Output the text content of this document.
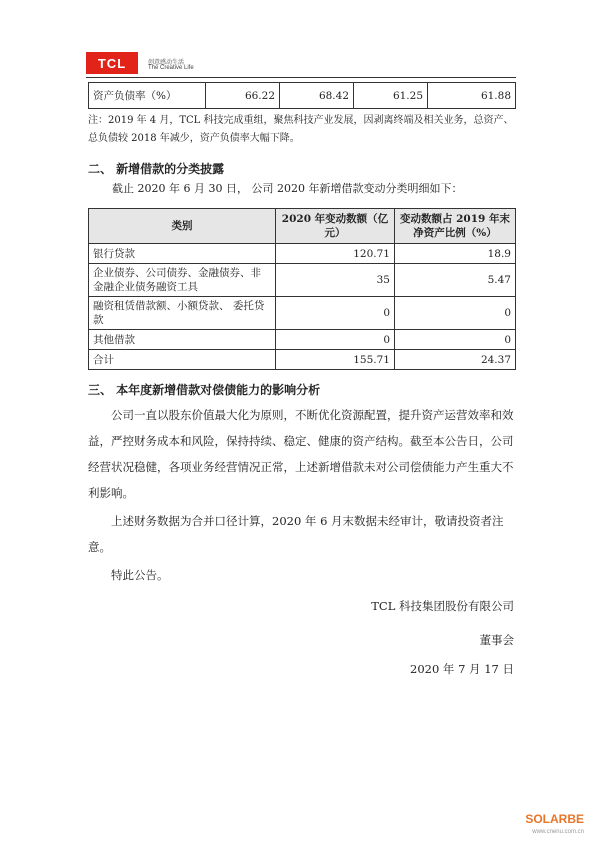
TCL	创意感动生活
The Creative Life
资产负债率（%）	66.22	68.42	61.25	61.88
注：2019 年 4 月，TCL 科技完成重组，聚焦科技产业发展，因剥离终端及相关业务，总资产、总负债较 2018 年减少，资产负债率大幅下降。
二、 新增借款的分类披露
截止 2020 年 6 月 30 日， 公司 2020 年新增借款变动分类明细如下：
类别	2020 年变动数额（亿元）	变动数额占 2019 年末净资产比例（%）
银行贷款	120.71	18.9
企业债券、公司债券、金融债券、非金融企业债务融资工具	35	5.47
融资租赁借款额、小额贷款、 委托贷款	0	0
其他借款	0	0
合计	155.71	24.37
三、 本年度新增借款对偿债能力的影响分析
公司一直以股东价值最大化为原则，不断优化资源配置，提升资产运营效率和效益，严控财务成本和风险，保持持续、稳定、健康的资产结构。截至本公告日，公司经营状况稳健，各项业务经营情况正常，上述新增借款未对公司偿债能力产生重大不利影响。
上述财务数据为合并口径计算，2020 年 6 月末数据未经审计，敬请投资者注意。
特此公告。
TCL 科技集团股份有限公司
董事会
2020 年 7 月 17 日
SOLARBE
www.cnenu.com.cn
